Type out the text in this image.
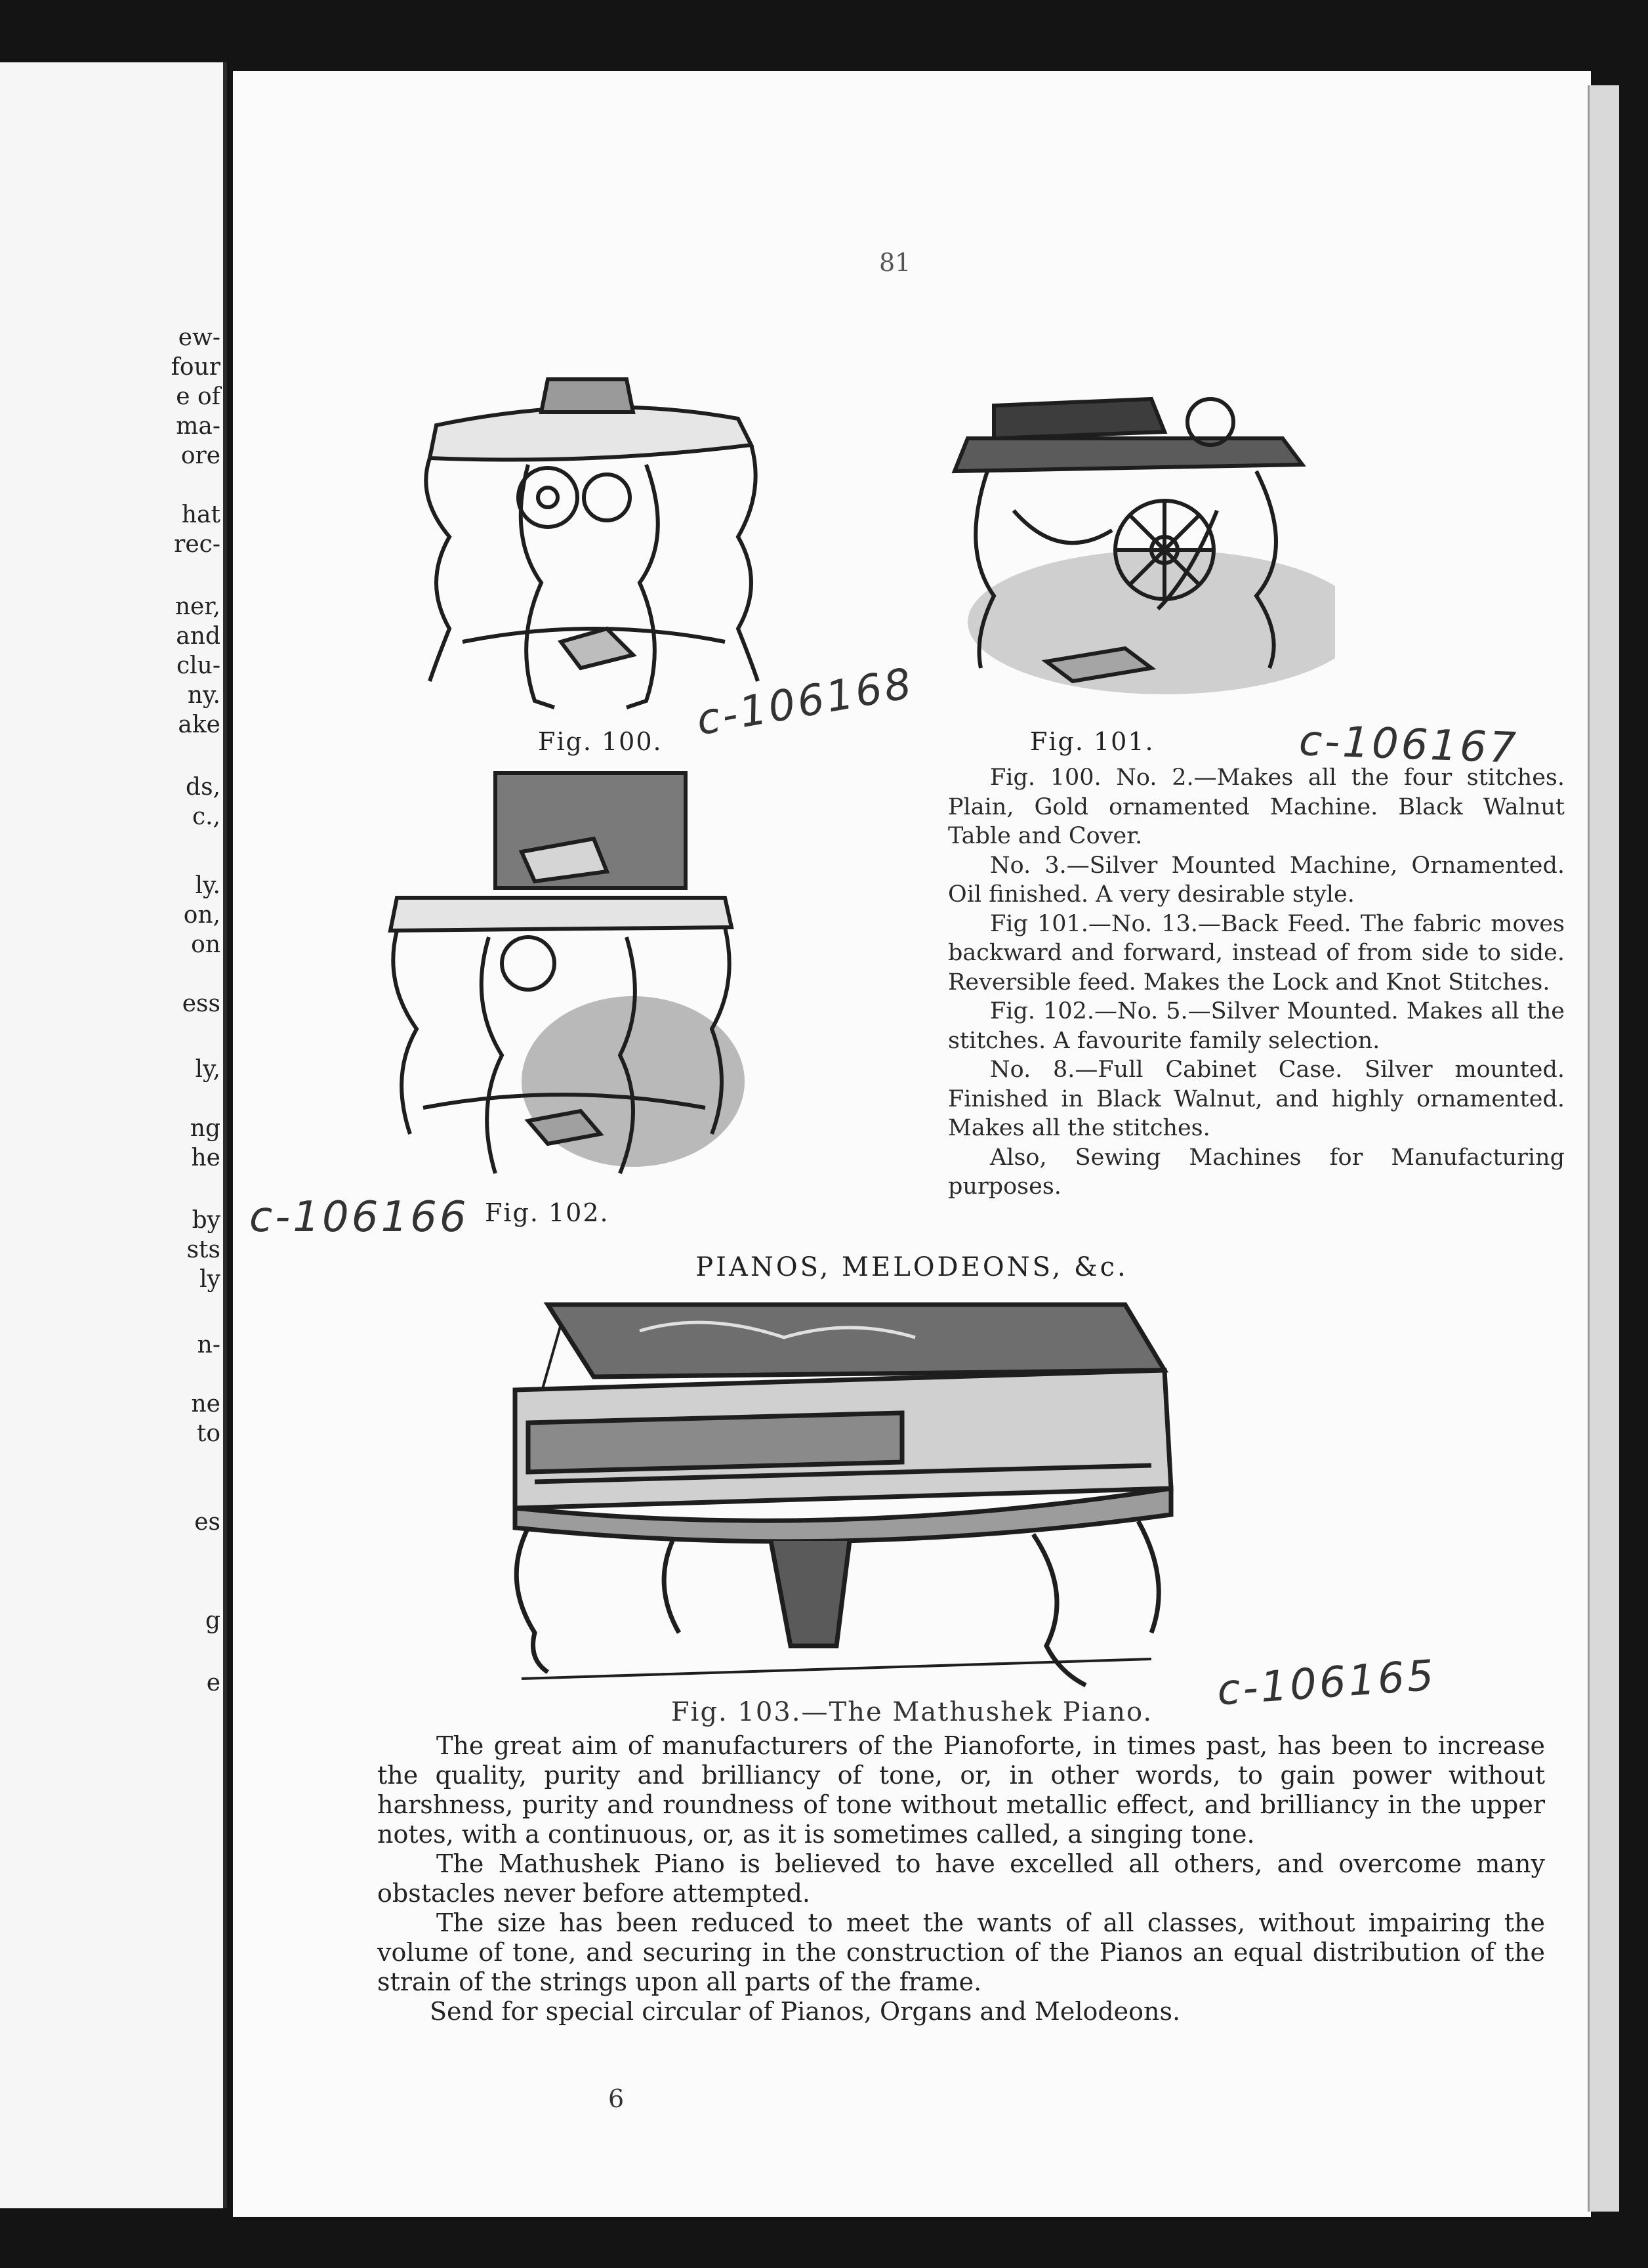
ew-
four
e of
ma-
ore
hat
rec-
ner,
and
clu-
ny.
ake
ds,
c.,
ly.
on,
on
ess
ly,
ng
he
by
sts
ly
n-
ne
to
es
g
e
81
Fig. 100.	Fig. 101.
Fig. 102.
c-106168	c-106167
c-106166
c-106165

Fig. 100. No. 2.—Makes all the four stitches. Plain, Gold ornamented Machine. Black Walnut Table and Cover.

No. 3.—Silver Mounted Machine, Ornamented. Oil finished. A very desirable style.

Fig 101.—No. 13.—Back Feed. The fabric moves backward and forward, instead of from side to side. Reversible feed. Makes the Lock and Knot Stitches.

Fig. 102.—No. 5.—Silver Mounted. Makes all the stitches. A favourite family selection.

No. 8.—Full Cabinet Case. Silver mounted. Finished in Black Walnut, and highly ornamented. Makes all the stitches.

Also, Sewing Machines for Manufacturing purposes.

PIANOS, MELODEONS, &c.
Fig. 103.—The Mathushek Piano.

The great aim of manufacturers of the Pianoforte, in times past, has been to increase the quality, purity and brilliancy of tone, or, in other words, to gain power without harshness, purity and roundness of tone without metallic effect, and brilliancy in the upper notes, with a continuous, or, as it is sometimes called, a singing tone.

The Mathushek Piano is believed to have excelled all others, and overcome many obstacles never before attempted.

The size has been reduced to meet the wants of all classes, without impairing the volume of tone, and securing in the construction of the Pianos an equal distribution of the strain of the strings upon all parts of the frame.

Send for special circular of Pianos, Organs and Melodeons.

6
